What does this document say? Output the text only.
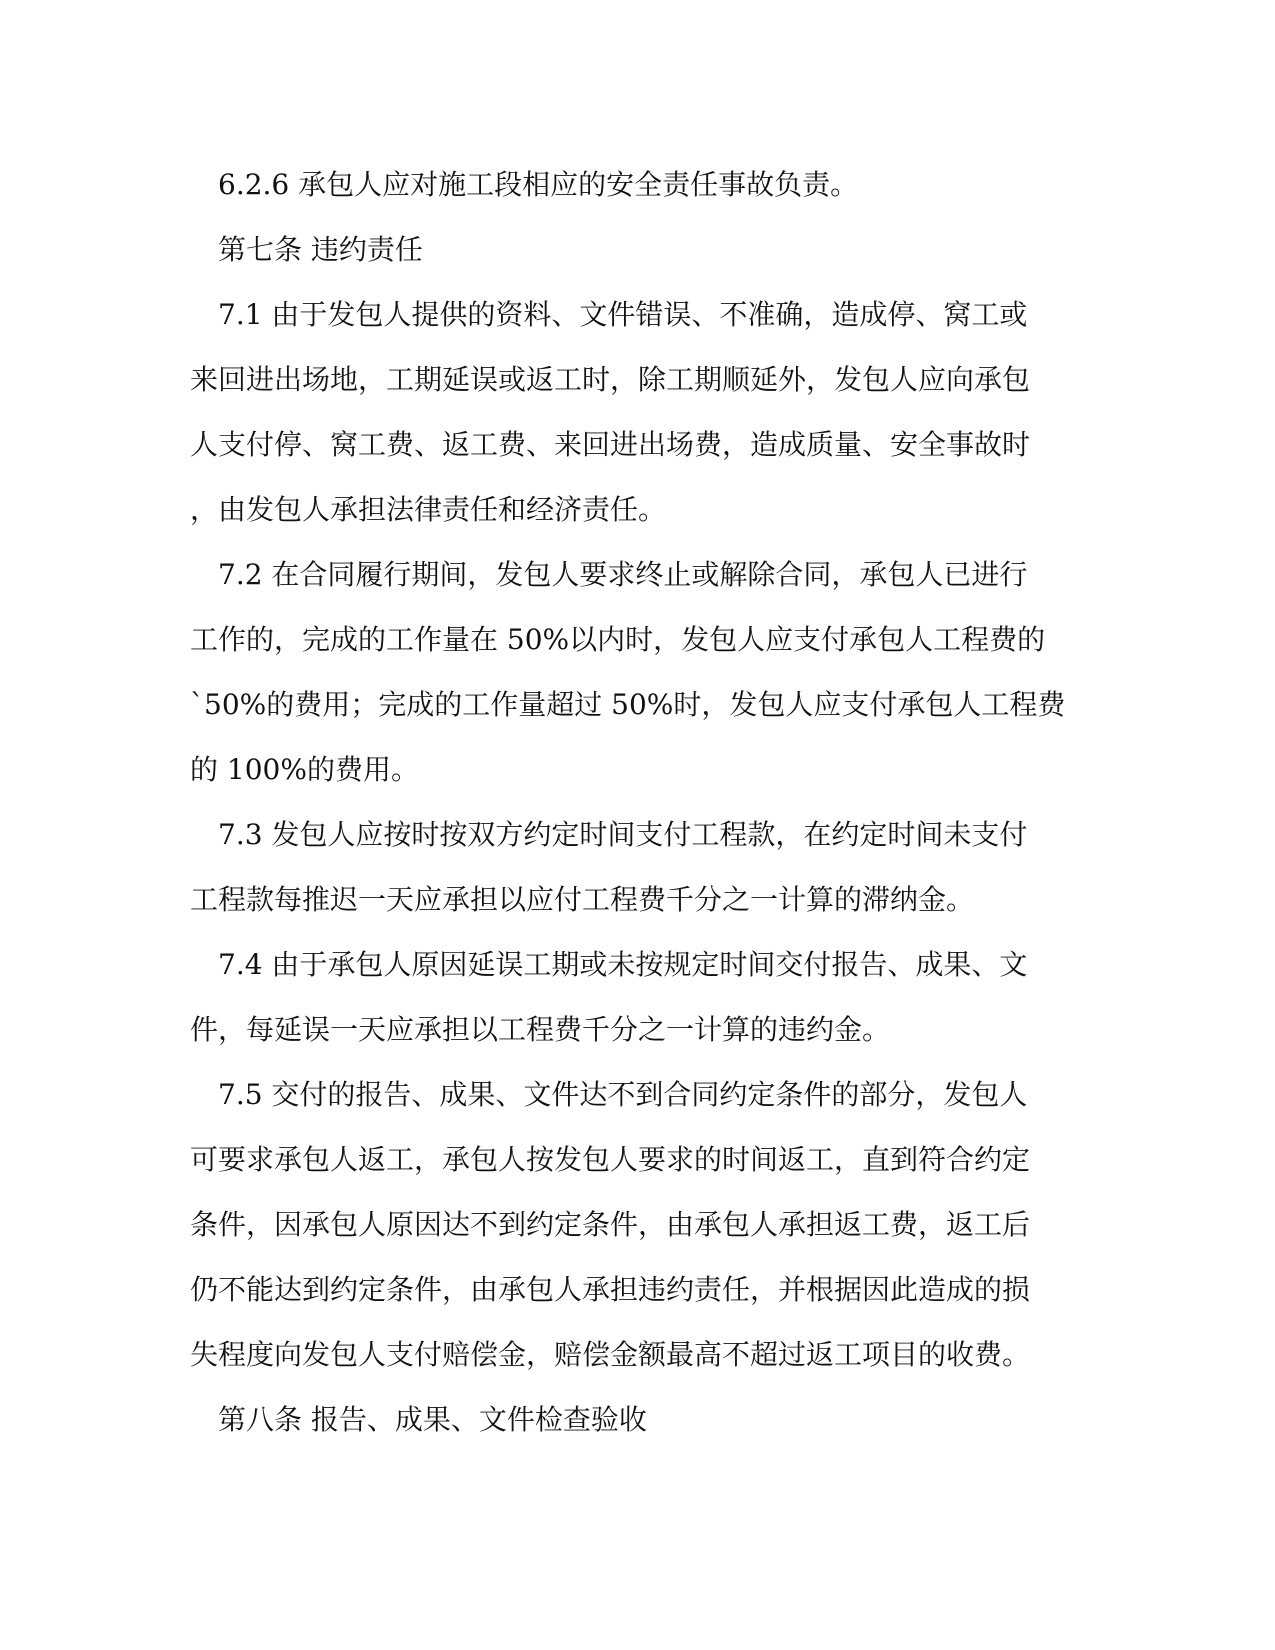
6.2.6 承包人应对施工段相应的安全责任事故负责。
第七条 违约责任
7.1 由于发包人提供的资料、文件错误、不准确，造成停、窝工或
来回进出场地，工期延误或返工时，除工期顺延外，发包人应向承包
人支付停、窝工费、返工费、来回进出场费，造成质量、安全事故时
，由发包人承担法律责任和经济责任。
7.2 在合同履行期间，发包人要求终止或解除合同，承包人已进行
工作的，完成的工作量在 50%以内时，发包人应支付承包人工程费的
`50%的费用；完成的工作量超过 50%时，发包人应支付承包人工程费
的 100%的费用。
7.3 发包人应按时按双方约定时间支付工程款，在约定时间未支付
工程款每推迟一天应承担以应付工程费千分之一计算的滞纳金。
7.4 由于承包人原因延误工期或未按规定时间交付报告、成果、文
件，每延误一天应承担以工程费千分之一计算的违约金。
7.5 交付的报告、成果、文件达不到合同约定条件的部分，发包人
可要求承包人返工，承包人按发包人要求的时间返工，直到符合约定
条件，因承包人原因达不到约定条件，由承包人承担返工费，返工后
仍不能达到约定条件，由承包人承担违约责任，并根据因此造成的损
失程度向发包人支付赔偿金，赔偿金额最高不超过返工项目的收费。
第八条 报告、成果、文件检查验收
